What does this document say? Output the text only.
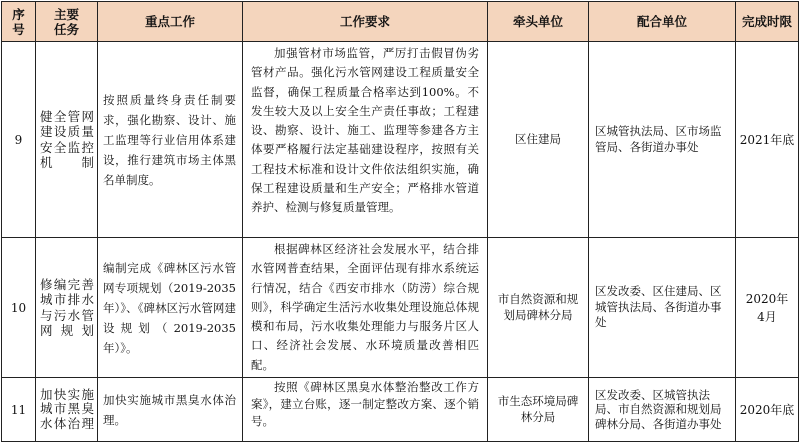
序号	主要任务	重点工作	工作要求	牵头单位	配合单位	完成时限
9	健全管网建设质量安全监控机制	按照质量终身责任制要求，强化勘察、设计、施工监理等行业信用体系建设，推行建筑市场主体黑名单制度。	加强管材市场监管，严厉打击假冒伪劣管材产品。强化污水管网建设工程质量安全监督，确保工程质量合格率达到100%。不发生较大及以上安全生产责任事故；工程建设、勘察、设计、施工、监理等参建各方主体要严格履行法定基础建设程序，按照有关工程技术标准和设计文件依法组织实施，确保工程建设质量和生产安全；严格排水管道养护、检测与修复质量管理。	区住建局	区城管执法局、区市场监管局、各街道办事处	2021年底
10	修编完善城市排水与污水管网规划	编制完成《碑林区污水管网专项规划（2019-2035年）》、《碑林区污水管网建设规划（2019-2035年）》。	根据碑林区经济社会发展水平，结合排水管网普查结果，全面评估现有排水系统运行情况，结合《西安市排水（防涝）综合规则》，科学确定生活污水收集处理设施总体规模和布局，污水收集处理能力与服务片区人口、经济社会发展、水环境质量改善相匹配。	市自然资源和规划局碑林分局	区发改委、区住建局、区城管执法局、各街道办事处	2020年4月

11	加快实施城市黑臭水体治理	加快实施城市黑臭水体治理。	按照《碑林区黑臭水体整治整改工作方案》，建立台账，逐一制定整改方案、逐个销号。	市生态环境局碑林分局	区发改委、区城管执法局、市自然资源和规划局碑林分局、各街道办事处	2020年底
